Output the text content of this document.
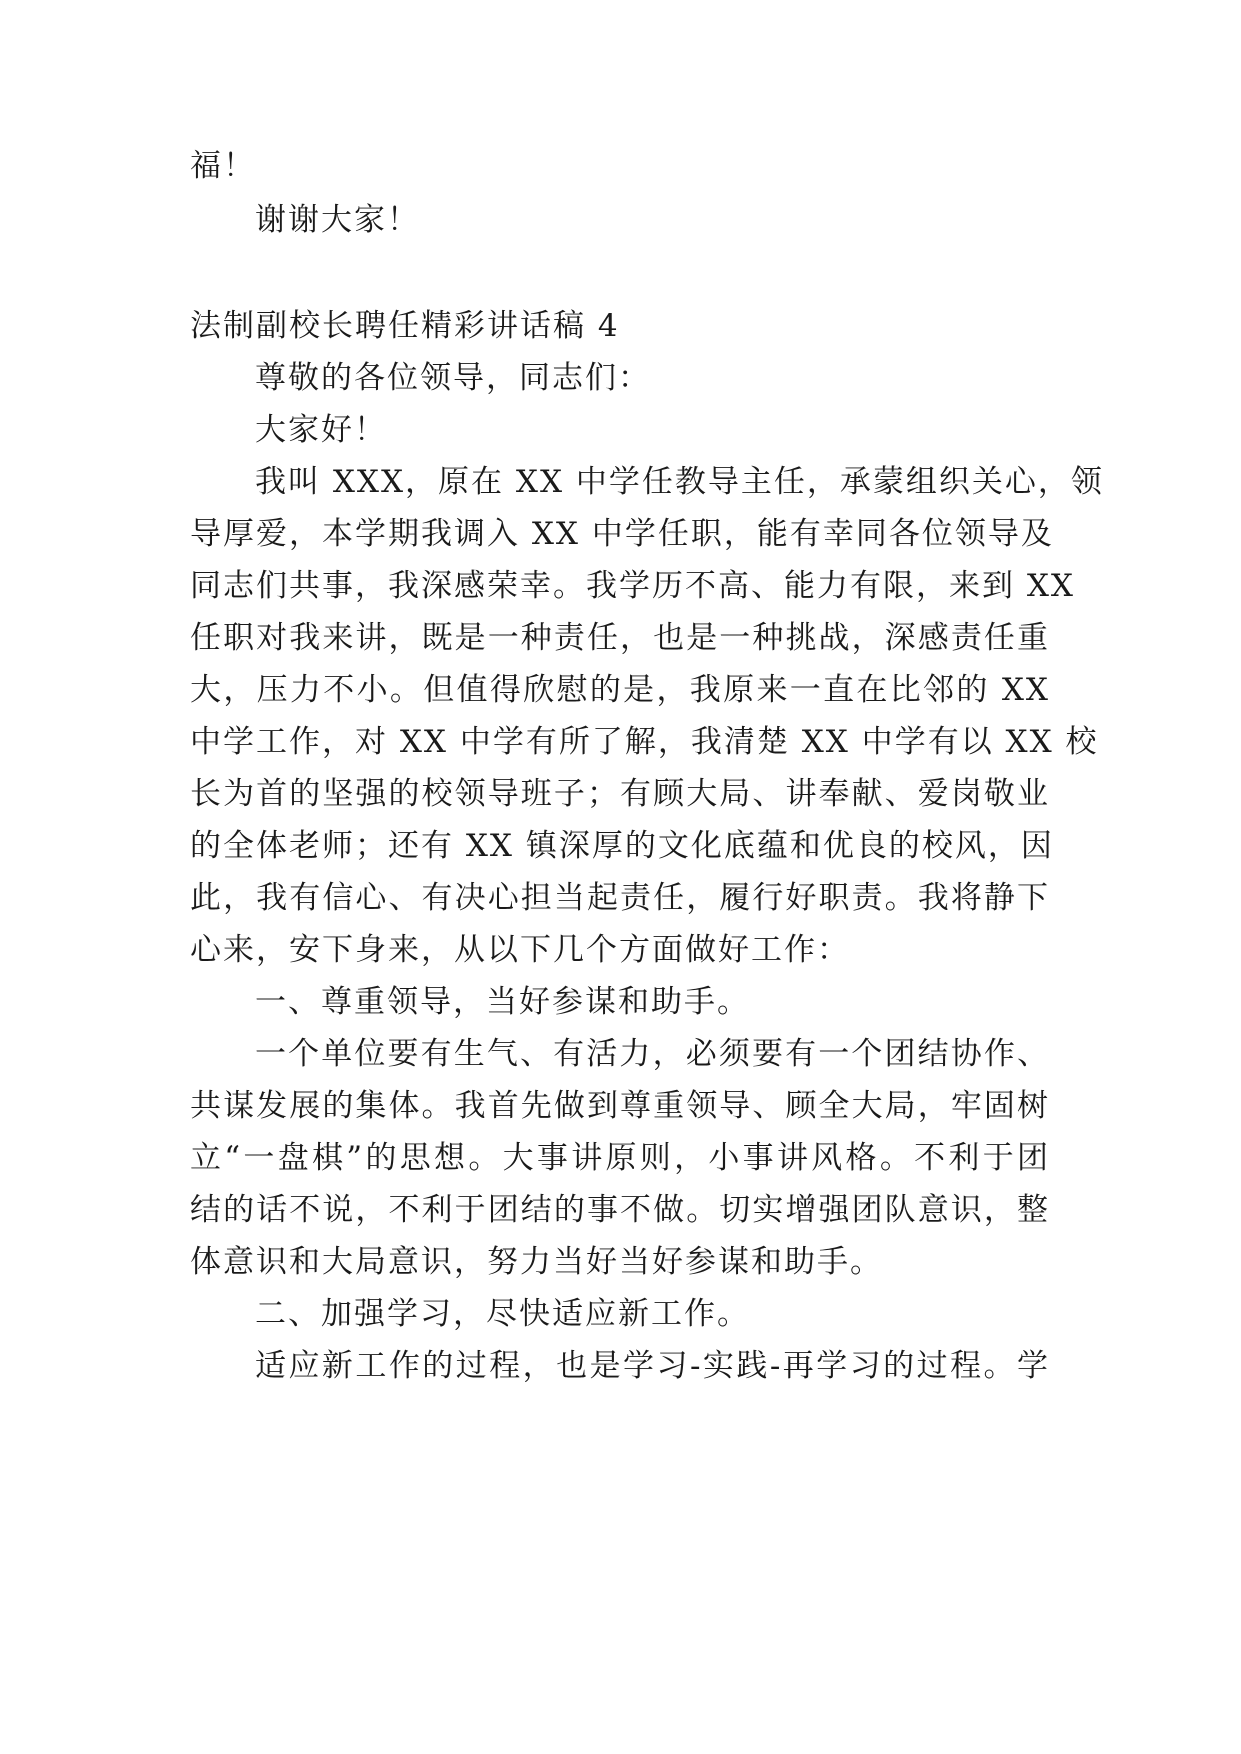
福！
谢谢大家！
法制副校长聘任精彩讲话稿 4
尊敬的各位领导，同志们：
大家好！
我叫 XXX，原在 XX 中学任教导主任，承蒙组织关心，领
导厚爱，本学期我调入 XX 中学任职，能有幸同各位领导及
同志们共事，我深感荣幸。我学历不高、能力有限，来到 XX
任职对我来讲，既是一种责任，也是一种挑战，深感责任重
大，压力不小。但值得欣慰的是，我原来一直在比邻的 XX
中学工作，对 XX 中学有所了解，我清楚 XX 中学有以 XX 校
长为首的坚强的校领导班子；有顾大局、讲奉献、爱岗敬业
的全体老师；还有 XX 镇深厚的文化底蕴和优良的校风，因
此，我有信心、有决心担当起责任，履行好职责。我将静下
心来，安下身来，从以下几个方面做好工作：
一、尊重领导，当好参谋和助手。
一个单位要有生气、有活力，必须要有一个团结协作、
共谋发展的集体。我首先做到尊重领导、顾全大局，牢固树
立“一盘棋”的思想。大事讲原则，小事讲风格。不利于团
结的话不说，不利于团结的事不做。切实增强团队意识，整
体意识和大局意识，努力当好当好参谋和助手。
二、加强学习，尽快适应新工作。
适应新工作的过程，也是学习-实践-再学习的过程。学
